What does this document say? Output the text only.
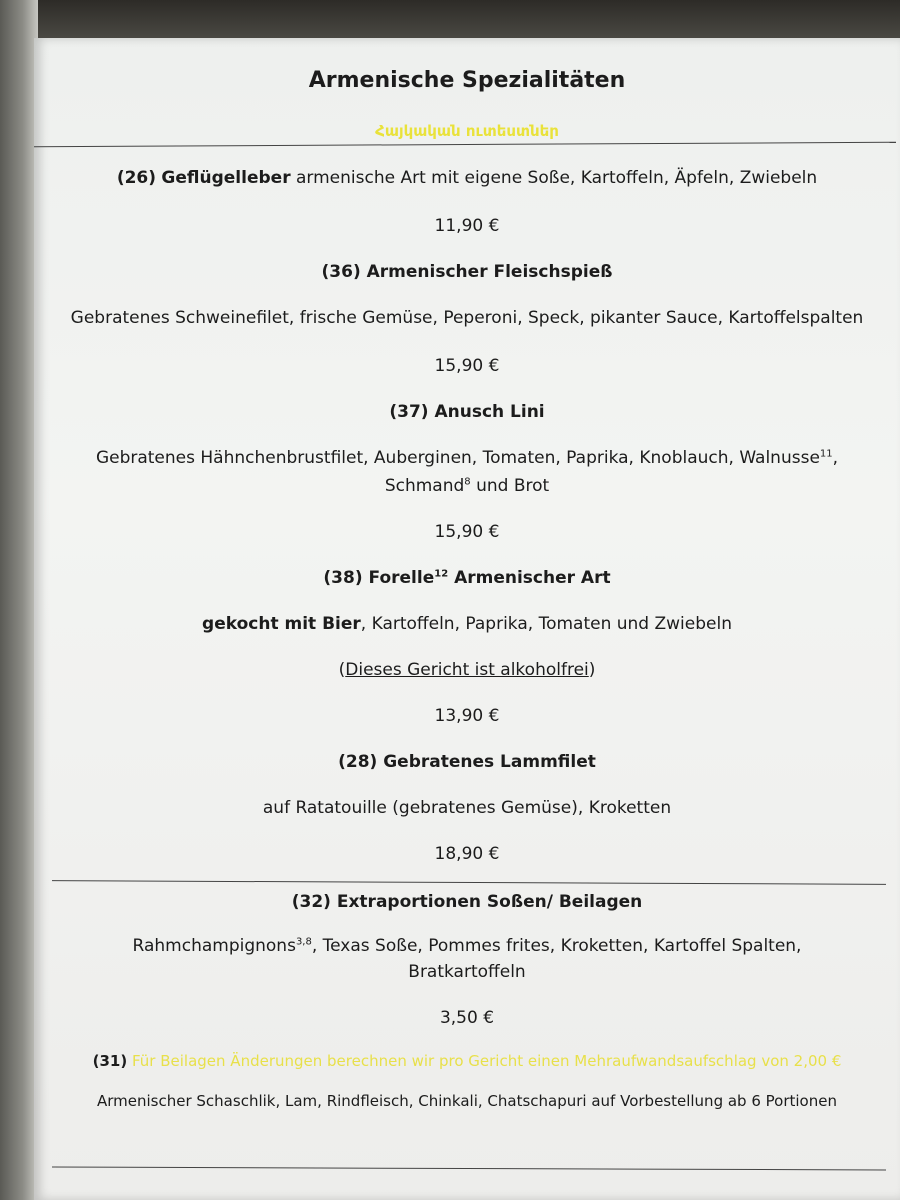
Armenische Spezialitäten
Հայկական ուտեստներ
(26) Geflügelleber armenische Art mit eigene Soße, Kartoffeln, Äpfeln, Zwiebeln
11,90 €
(36) Armenischer Fleischspieß
Gebratenes Schweinefilet, frische Gemüse, Peperoni, Speck, pikanter Sauce, Kartoffelspalten
15,90 €
(37) Anusch Lini
Gebratenes Hähnchenbrustfilet, Auberginen, Tomaten, Paprika, Knoblauch, Walnusse$^{11}$,
Schmand$^8$ und Brot
15,90 €
(38) Forelle$^{12}$ Armenischer Art
gekocht mit Bier, Kartoffeln, Paprika, Tomaten und Zwiebeln
(Dieses Gericht ist alkoholfrei)
13,90 €
(28) Gebratenes Lammfilet
auf Ratatouille (gebratenes Gemüse), Kroketten
18,90 €
(32) Extraportionen Soßen/ Beilagen
Rahmchampignons$^{3,8}$, Texas Soße, Pommes frites, Kroketten, Kartoffel Spalten,
Bratkartoffeln
3,50 €
(31) Für Beilagen Änderungen berechnen wir pro Gericht einen Mehraufwandsaufschlag von 2,00 €
Armenischer Schaschlik, Lam, Rindfleisch, Chinkali, Chatschapuri auf Vorbestellung ab 6 Portionen
